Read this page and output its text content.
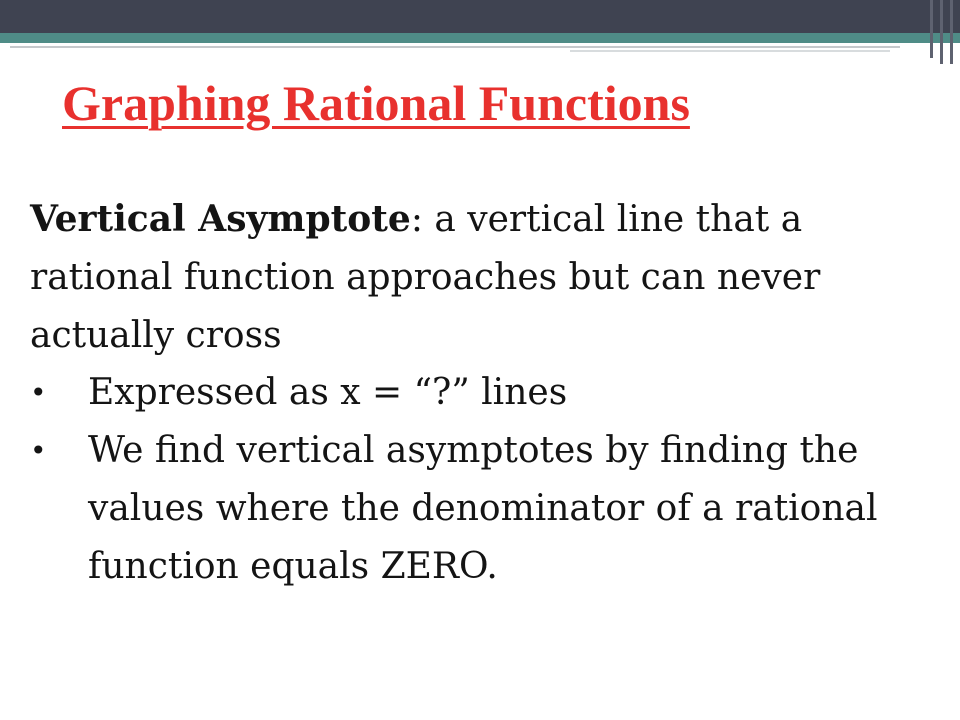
Graphing Rational Functions

Vertical Asymptote: a vertical line that a rational function approaches but can never actually cross

• Expressed as x = “?” lines
• We find vertical asymptotes by finding the values where the denominator of a rational function equals ZERO.
